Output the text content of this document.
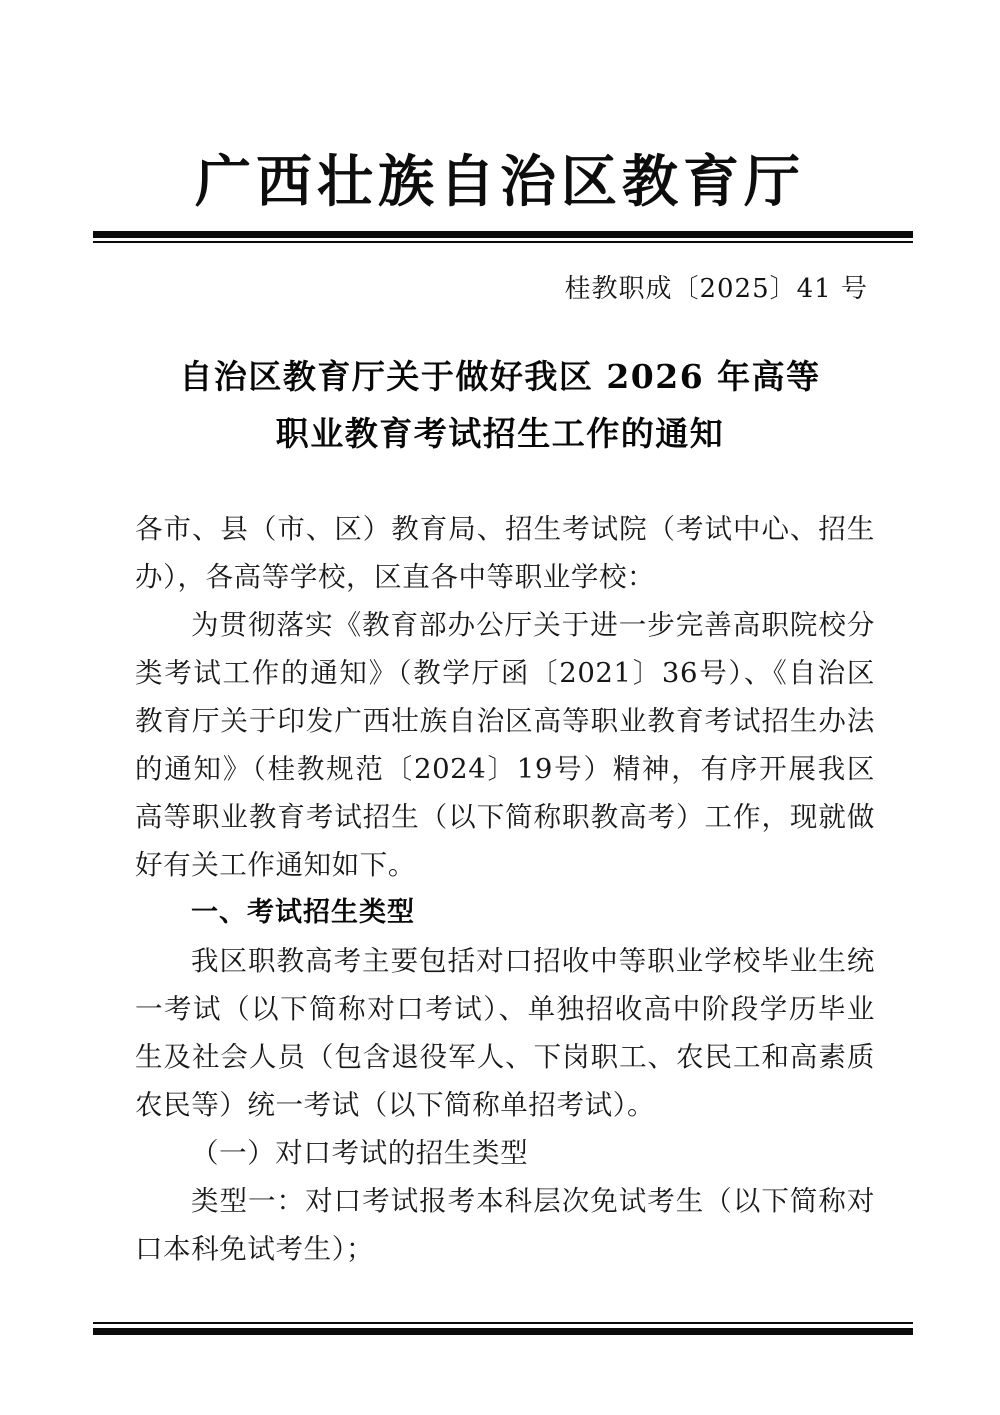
广西壮族自治区教育厅
桂教职成〔2025〕41 号
自治区教育厅关于做好我区 2026 年高等
职业教育考试招生工作的通知

各市、县（市、区）教育局、招生考试院（考试中心、招生办），各高等学校，区直各中等职业学校：

为贯彻落实《教育部办公厅关于进一步完善高职院校分类考试工作的通知》（教学厅函〔2021〕36号）、《自治区教育厅关于印发广西壮族自治区高等职业教育考试招生办法的通知》（桂教规范〔2024〕19号）精神，有序开展我区高等职业教育考试招生（以下简称职教高考）工作，现就做好有关工作通知如下。

一、考试招生类型

我区职教高考主要包括对口招收中等职业学校毕业生统一考试（以下简称对口考试）、单独招收高中阶段学历毕业生及社会人员（包含退役军人、下岗职工、农民工和高素质农民等）统一考试（以下简称单招考试）。

（一）对口考试的招生类型

类型一：对口考试报考本科层次免试考生（以下简称对口本科免试考生）；
